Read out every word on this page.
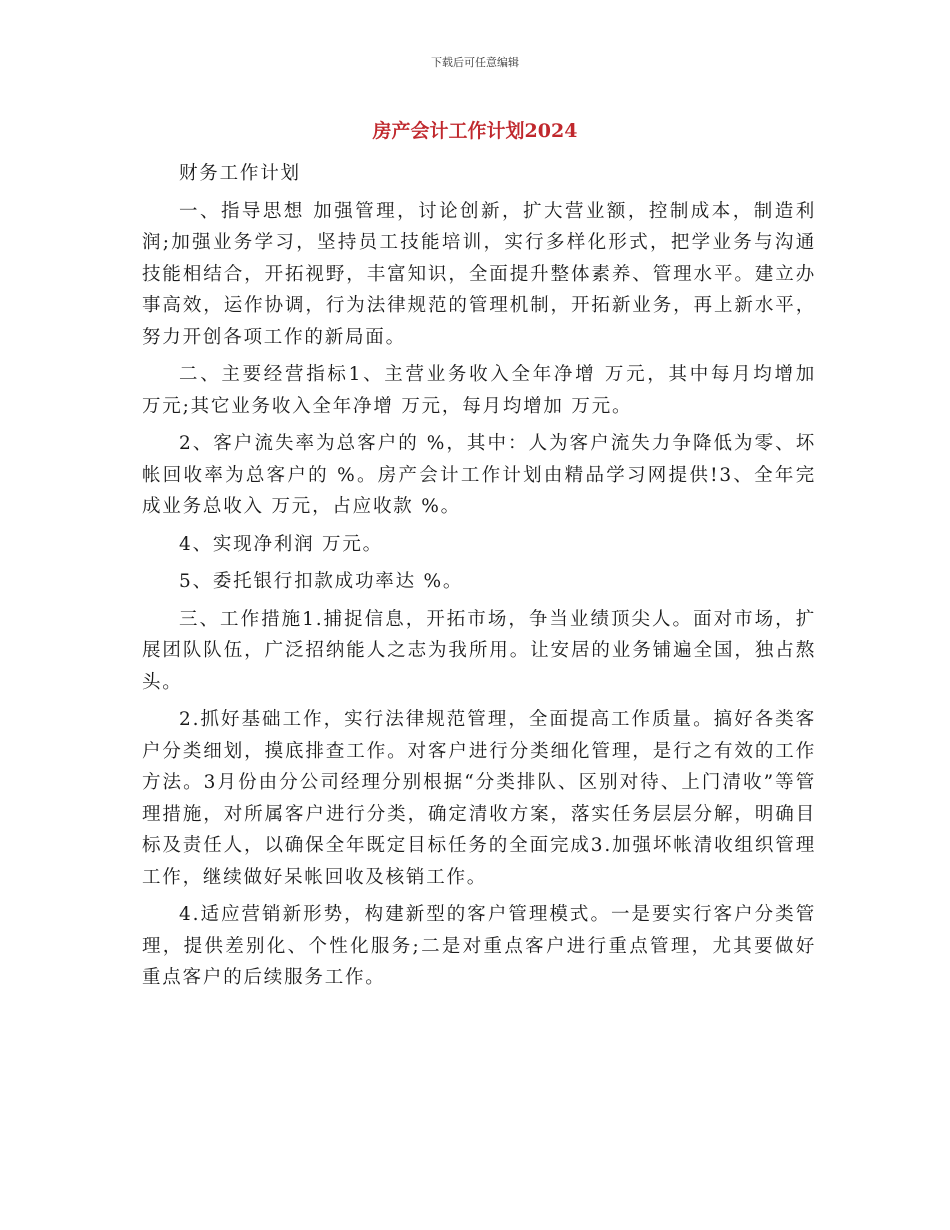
下载后可任意编辑
房产会计工作计划2024

财务工作计划

一、指导思想 加强管理，讨论创新，扩大营业额，控制成本，制造利润;加强业务学习，坚持员工技能培训，实行多样化形式，把学业务与沟通技能相结合，开拓视野，丰富知识，全面提升整体素养、管理水平。建立办事高效，运作协调，行为法律规范的管理机制，开拓新业务，再上新水平，努力开创各项工作的新局面。

二、主要经营指标1、主营业务收入全年净增 万元，其中每月均增加 万元;其它业务收入全年净增 万元，每月均增加 万元。

2、客户流失率为总客户的 %，其中：人为客户流失力争降低为零、坏帐回收率为总客户的 %。房产会计工作计划由精品学习网提供!3、全年完成业务总收入 万元，占应收款 %。

4、实现净利润 万元。

5、委托银行扣款成功率达 %。

三、工作措施1.捕捉信息，开拓市场，争当业绩顶尖人。面对市场，扩展团队队伍，广泛招纳能人之志为我所用。让安居的业务铺遍全国，独占熬头。

2.抓好基础工作，实行法律规范管理，全面提高工作质量。搞好各类客户分类细划，摸底排查工作。对客户进行分类细化管理，是行之有效的工作方法。3月份由分公司经理分别根据“分类排队、区别对待、上门清收”等管理措施，对所属客户进行分类，确定清收方案，落实任务层层分解，明确目标及责任人，以确保全年既定目标任务的全面完成3.加强坏帐清收组织管理工作，继续做好呆帐回收及核销工作。

4.适应营销新形势，构建新型的客户管理模式。一是要实行客户分类管理，提供差别化、个性化服务;二是对重点客户进行重点管理，尤其要做好重点客户的后续服务工作。
